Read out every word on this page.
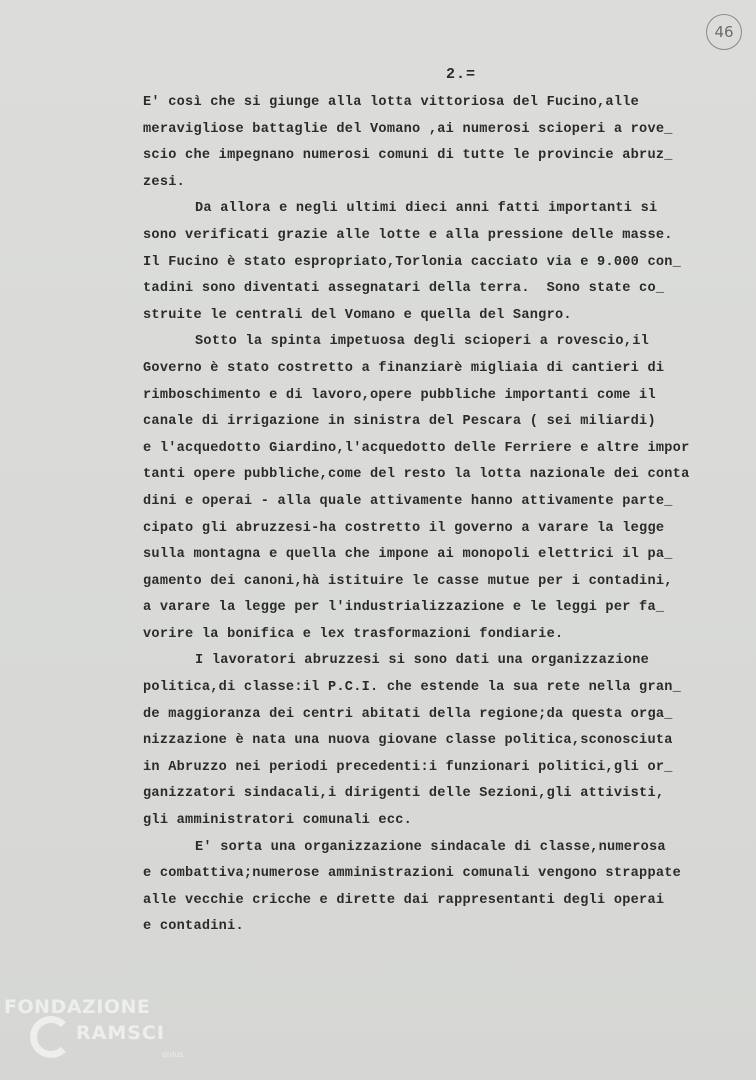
46
2.=

E' così che si giunge alla lotta vittoriosa del Fucino,alle
meravigliose battaglie del Vomano ,ai numerosi scioperi a rove_
scio che impegnano numerosi comuni di tutte le provincie abruz_
zesi.

Da allora e negli ultimi dieci anni fatti importanti si
sono verificati grazie alle lotte e alla pressione delle masse.
Il Fucino è stato espropriato,Torlonia cacciato via e 9.000 con_
tadini sono diventati assegnatari della terra.  Sono state co_
struite le centrali del Vomano e quella del Sangro.

Sotto la spinta impetuosa degli scioperi a rovescio,il
Governo è stato costretto a finanziarè migliaia di cantieri di
rimboschimento e di lavoro,opere pubbliche importanti come il
canale di irrigazione in sinistra del Pescara ( sei miliardi)
e l'acquedotto Giardino,l'acquedotto delle Ferriere e altre impor
tanti opere pubbliche,come del resto la lotta nazionale dei conta
dini e operai - alla quale attivamente hanno attivamente parte_
cipato gli abruzzesi-ha costretto il governo a varare la legge
sulla montagna e quella che impone ai monopoli elettrici il pa_
gamento dei canoni,hà istituire le casse mutue per i contadini,
a varare la legge per l'industrializzazione e le leggi per fa_
vorire la bonifica e lex trasformazioni fondiarie.

I lavoratori abruzzesi si sono dati una organizzazione
politica,di classe:il P.C.I. che estende la sua rete nella gran_
de maggioranza dei centri abitati della regione;da questa orga_
nizzazione è nata una nuova giovane classe politica,sconosciuta
in Abruzzo nei periodi precedenti:i funzionari politici,gli or_
ganizzatori sindacali,i dirigenti delle Sezioni,gli attivisti,
gli amministratori comunali ecc.

E' sorta una organizzazione sindacale di classe,numerosa
e combattiva;numerose amministrazioni comunali vengono strappate
alle vecchie cricche e dirette dai rappresentanti degli operai
e contadini.

FONDAZIONE
RAMSCI
onlus
